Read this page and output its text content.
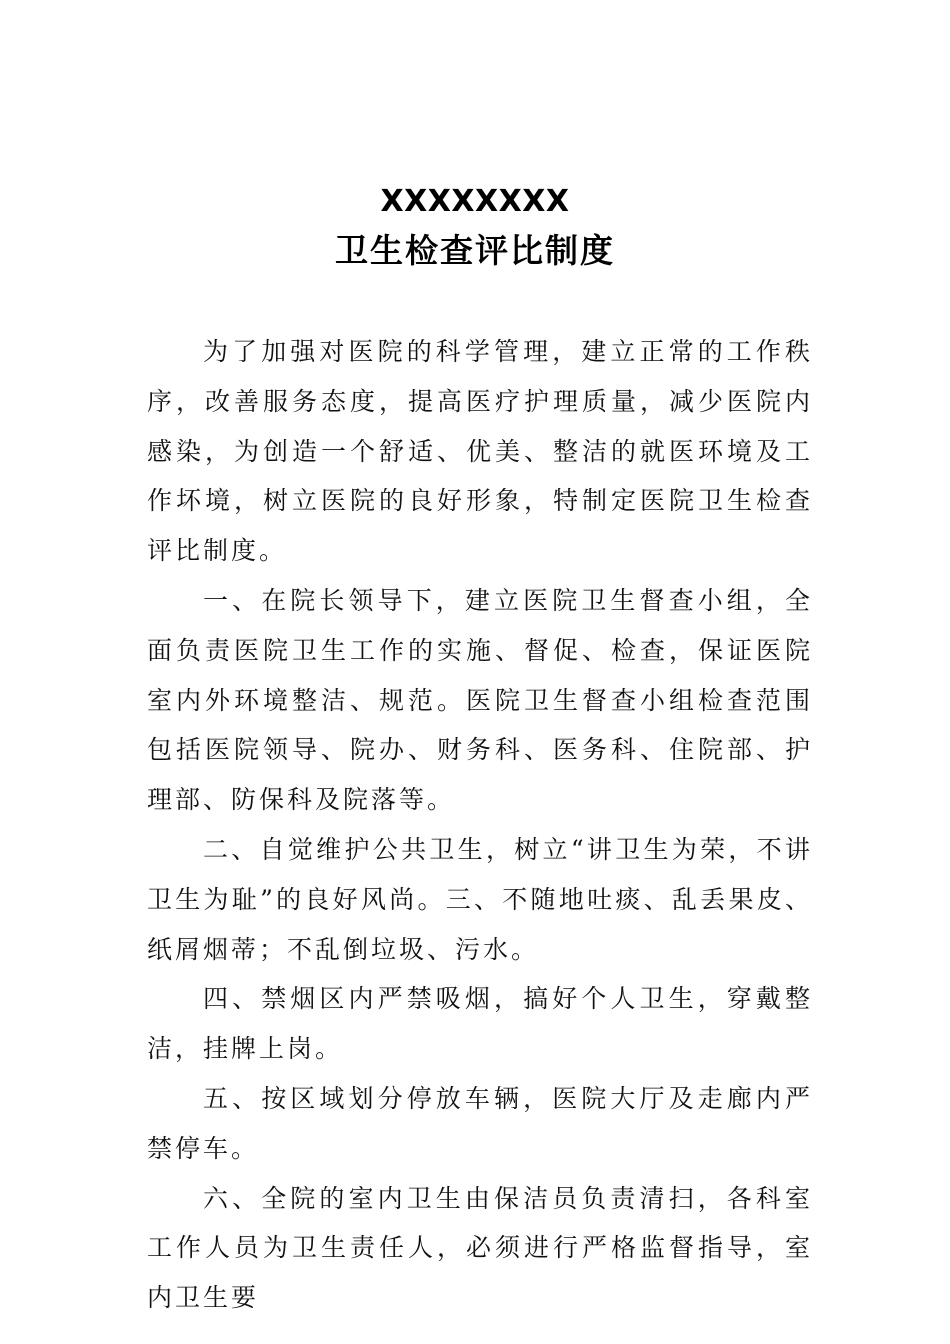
XXXXXXXX
卫生检查评比制度

为了加强对医院的科学管理，建立正常的工作秩序，改善服务态度，提高医疗护理质量，减少医院内感染，为创造一个舒适、优美、整洁的就医环境及工作坏境，树立医院的良好形象，特制定医院卫生检查评比制度。

一、在院长领导下，建立医院卫生督查小组，全面负责医院卫生工作的实施、督促、检查，保证医院室内外环境整洁、规范。医院卫生督查小组检查范围包括医院领导、院办、财务科、医务科、住院部、护理部、防保科及院落等。

二、自觉维护公共卫生，树立“讲卫生为荣，不讲卫生为耻”的良好风尚。三、不随地吐痰、乱丢果皮、纸屑烟蒂；不乱倒垃圾、污水。

四、禁烟区内严禁吸烟，搞好个人卫生，穿戴整洁，挂牌上岗。

五、按区域划分停放车辆，医院大厅及走廊内严禁停车。

六、全院的室内卫生由保洁员负责清扫，各科室工作人员为卫生责任人，必须进行严格监督指导，室内卫生要
